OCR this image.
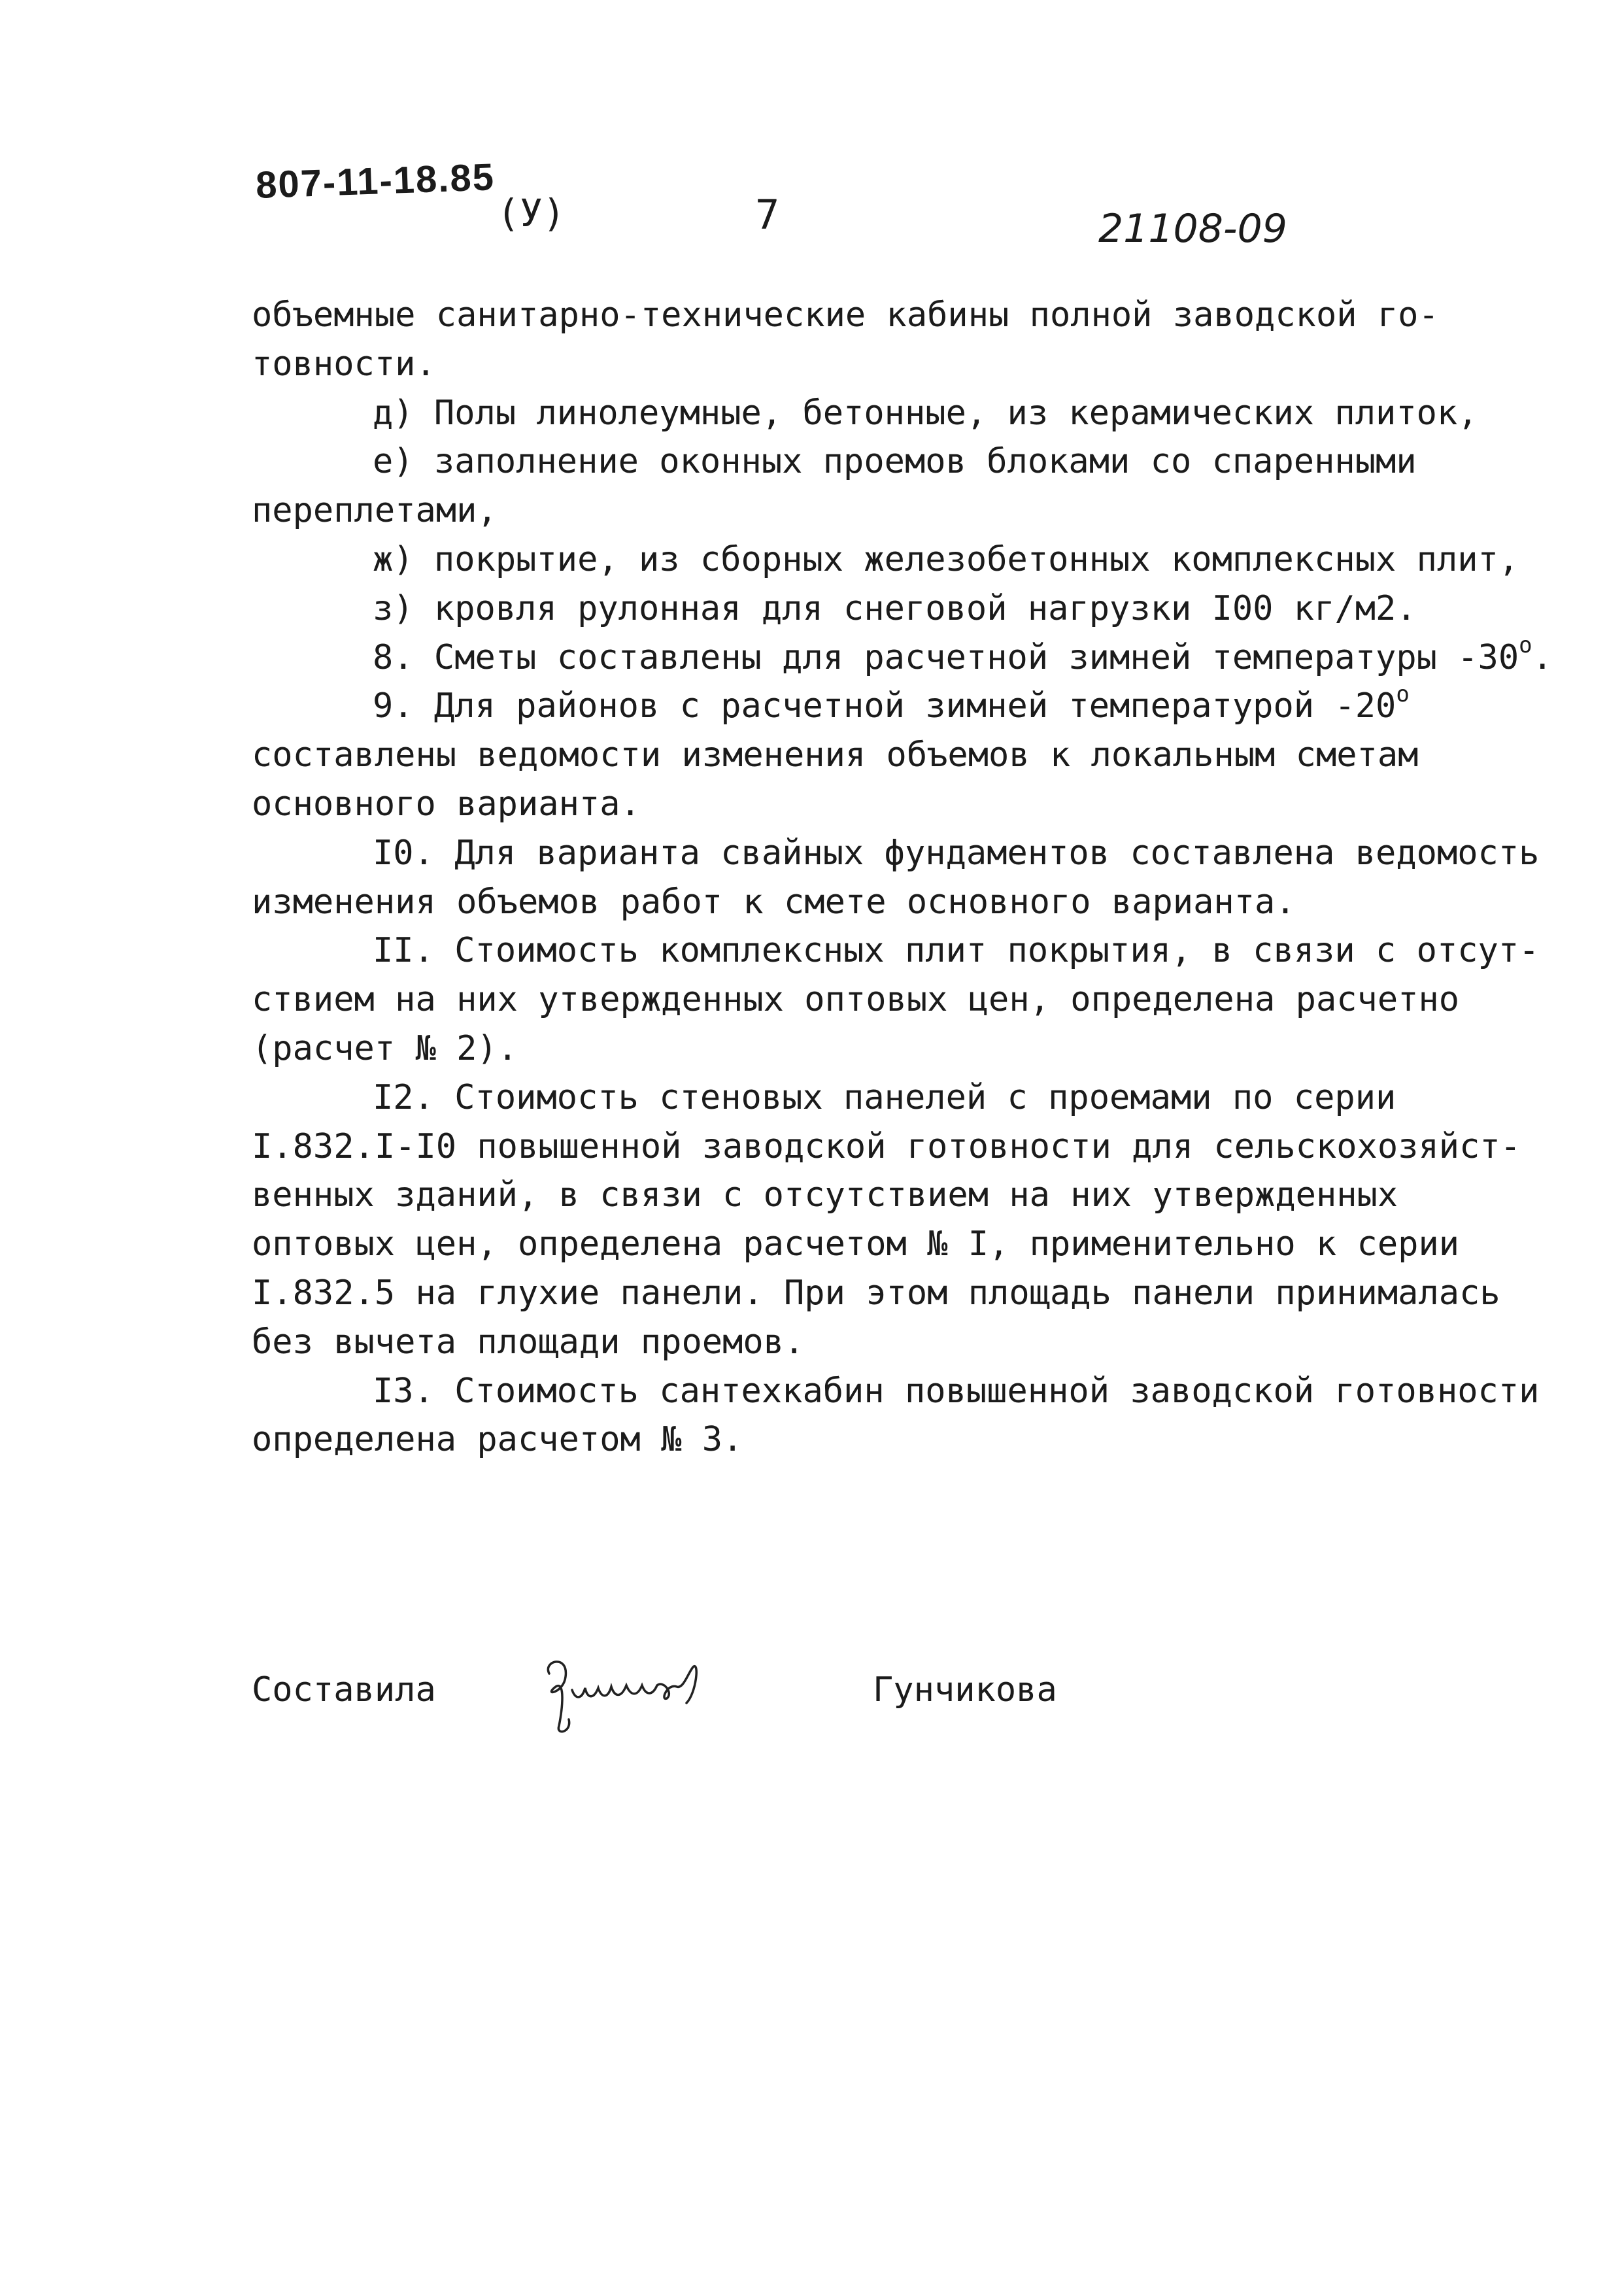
807-11-18.85
(У)	7	21108-09
объемные санитарно-технические кабины полной заводской го-
товности.
д) Полы линолеумные, бетонные, из керамических плиток,
е) заполнение оконных проемов блоками со спаренными
переплетами,
ж) покрытие, из сборных железобетонных комплексных плит,
з) кровля рулонная для снеговой нагрузки I00 кг/м2.
8. Сметы составлены для расчетной зимней температуры $-30^о$.
9. Для районов с расчетной зимней температурой $-20^о$
составлены ведомости изменения объемов к локальным сметам
основного варианта.
I0. Для варианта свайных фундаментов составлена ведомость
изменения объемов работ к смете основного варианта.
II. Стоимость комплексных плит покрытия, в связи с отсут-
ствием на них утвержденных оптовых цен, определена расчетно
(расчет № 2).
I2. Стоимость стеновых панелей с проемами по серии
I.832.I-I0 повышенной заводской готовности для сельскохозяйст-
венных зданий, в связи с отсутствием на них утвержденных
оптовых цен, определена расчетом № I, применительно к серии
I.832.5 на глухие панели. При этом площадь панели принималась
без вычета площади проемов.
I3. Стоимость сантехкабин повышенной заводской готовности
определена расчетом № 3.
Составила	Гунчикова
